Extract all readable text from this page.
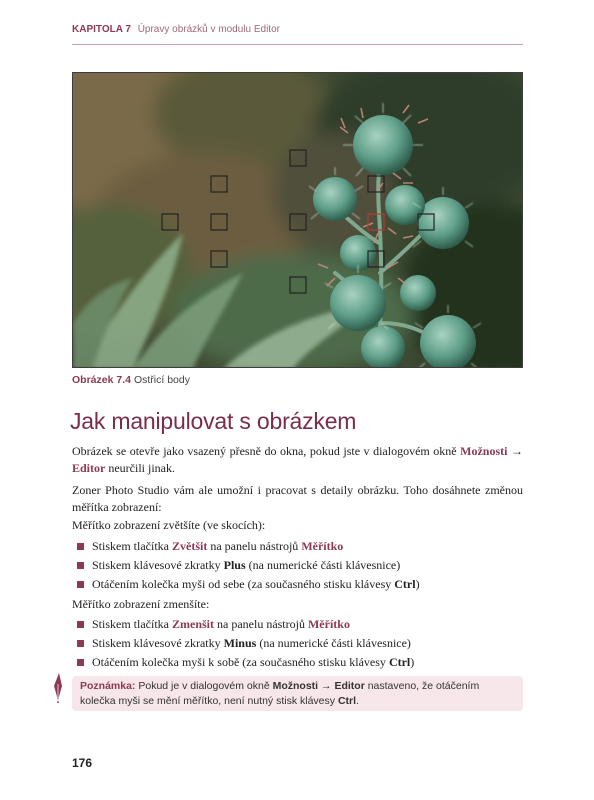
KAPITOLA 7 Úpravy obrázků v modulu Editor
Obrázek 7.4 Ostřicí body
Jak manipulovat s obrázkem

Obrázek se otevře jako vsazený přesně do okna, pokud jste v dialogovém okně Možnosti → Editor neurčili jinak.

Zoner Photo Studio vám ale umožní i pracovat s detaily obrázku. Toho dosáhnete změnou měřítka zobrazení:

Měřítko zobrazení zvětšíte (ve skocích):

Stiskem tlačítka Zvětšit na panelu nástrojů Měřítko
Stiskem klávesové zkratky Plus (na numerické části klávesnice)
Otáčením kolečka myši od sebe (za současného stisku klávesy Ctrl)

Měřítko zobrazení zmenšíte:

Stiskem tlačítka Zmenšit na panelu nástrojů Měřítko
Stiskem klávesové zkratky Minus (na numerické části klávesnice)
Otáčením kolečka myši k sobě (za současného stisku klávesy Ctrl)
Poznámka: Pokud je v dialogovém okně Možnosti → Editor nastaveno, že otáčením kolečka myši se mění měřítko, není nutný stisk klávesy Ctrl.
176
